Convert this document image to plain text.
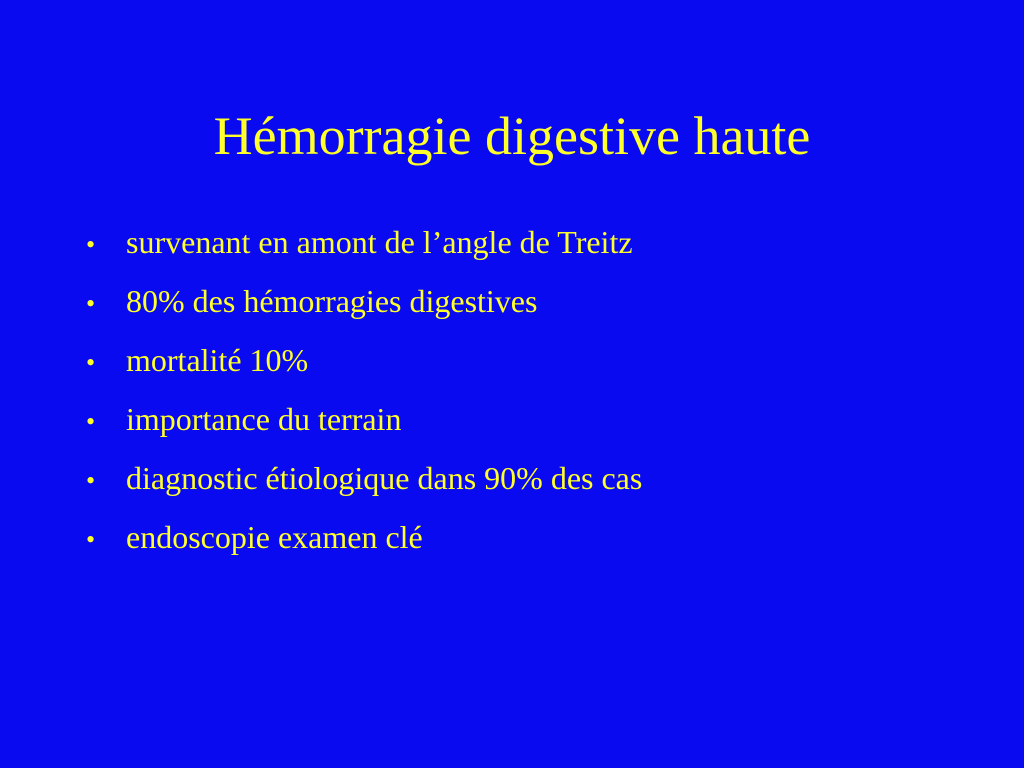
Hémorragie digestive haute
• survenant en amont de l’angle de Treitz
• 80% des hémorragies digestives
• mortalité 10%
• importance du terrain
• diagnostic étiologique dans 90% des cas
• endoscopie examen clé
